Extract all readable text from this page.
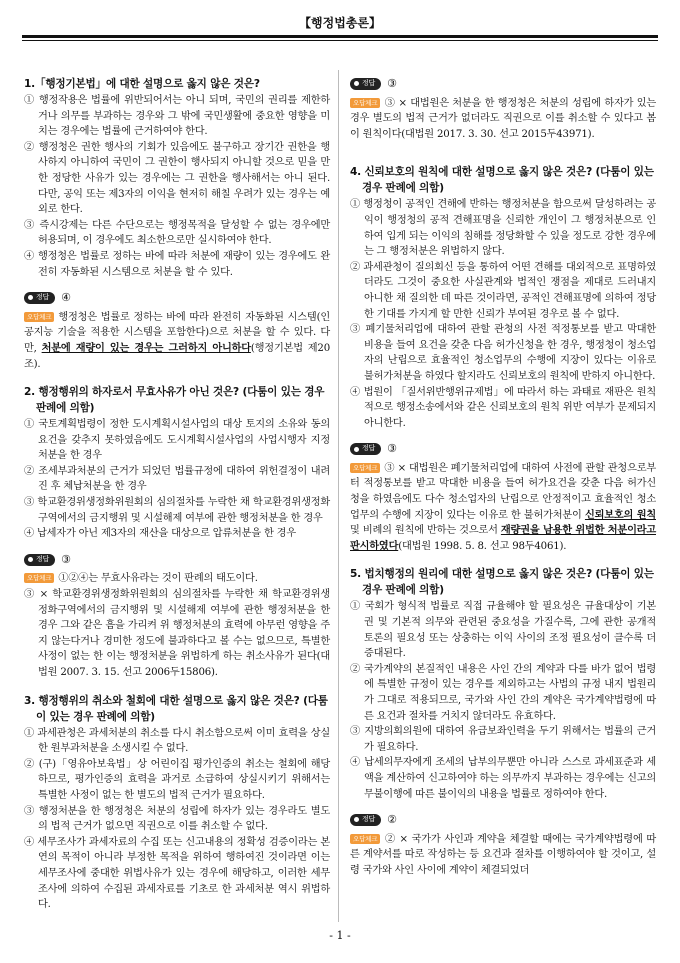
【행정법총론】
1.「행정기본법」에 대한 설명으로 옳지 않은 것은?
① 행정작용은 법률에 위반되어서는 아니 되며, 국민의 권리를 제한하거나 의무를 부과하는 경우와 그 밖에 국민생활에 중요한 영향을 미치는 경우에는 법률에 근거하여야 한다.
② 행정청은 권한 행사의 기회가 있음에도 불구하고 장기간 권한을 행사하지 아니하여 국민이 그 권한이 행사되지 아니할 것으로 믿을 만한 정당한 사유가 있는 경우에는 그 권한을 행사해서는 아니 된다. 다만, 공익 또는 제3자의 이익을 현저히 해칠 우려가 있는 경우는 예외로 한다.
③ 즉시강제는 다른 수단으로는 행정목적을 달성할 수 없는 경우에만 허용되며, 이 경우에도 최소한으로만 실시하여야 한다.
④ 행정청은 법률로 정하는 바에 따라 처분에 재량이 있는 경우에도 완전히 자동화된 시스템으로 처분을 할 수 있다.
정답 ④
오답체크 행정청은 법률로 정하는 바에 따라 완전히 자동화된 시스템(인공지능 기술을 적용한 시스템을 포함한다)으로 처분을 할 수 있다. 다만, 처분에 재량이 있는 경우는 그러하지 아니하다(행정기본법 제20조).
2. 행정행위의 하자로서 무효사유가 아닌 것은? (다툼이 있는 경우 판례에 의함)
① 국토계획법령이 정한 도시계획시설사업의 대상 토지의 소유와 동의요건을 갖추지 못하였음에도 도시계획시설사업의 사업시행자 지정처분을 한 경우
② 조세부과처분의 근거가 되었던 법률규정에 대하여 위헌결정이 내려진 후 체납처분을 한 경우
③ 학교환경위생정화위원회의 심의절차를 누락한 채 학교환경위생정화구역에서의 금지행위 및 시설해제 여부에 관한 행정처분을 한 경우
④ 납세자가 아닌 제3자의 재산을 대상으로 압류처분을 한 경우
정답 ③
오답체크 ①②④는 무효사유라는 것이 판례의 태도이다.
③ × 학교환경위생정화위원회의 심의절차를 누락한 채 학교환경위생정화구역에서의 금지행위 및 시설해제 여부에 관한 행정처분을 한 경우 그와 같은 흠을 가리켜 위 행정처분의 효력에 아무런 영향을 주지 않는다거나 경미한 정도에 불과하다고 볼 수는 없으므로, 특별한 사정이 없는 한 이는 행정처분을 위법하게 하는 취소사유가 된다(대법원 2007. 3. 15. 선고 2006두15806).
3. 행정행위의 취소와 철회에 대한 설명으로 옳지 않은 것은? (다툼이 있는 경우 판례에 의함)
① 과세관청은 과세처분의 취소를 다시 취소함으로써 이미 효력을 상실한 원부과처분을 소생시킬 수 없다.
② (구)「영유아보육법」상 어린이집 평가인증의 취소는 철회에 해당하므로, 평가인증의 효력을 과거로 소급하여 상실시키기 위해서는 특별한 사정이 없는 한 별도의 법적 근거가 필요하다.
③ 행정처분을 한 행정청은 처분의 성립에 하자가 있는 경우라도 별도의 법적 근거가 없으면 직권으로 이를 취소할 수 없다.
④ 세무조사가 과세자료의 수집 또는 신고내용의 정확성 검증이라는 본연의 목적이 아니라 부정한 목적을 위하여 행하여진 것이라면 이는 세무조사에 중대한 위법사유가 있는 경우에 해당하고, 이러한 세무조사에 의하여 수집된 과세자료를 기초로 한 과세처분 역시 위법하다.
정답 ③
오답체크 ③ × 대법원은 처분을 한 행정청은 처분의 성립에 하자가 있는 경우 별도의 법적 근거가 없더라도 직권으로 이를 취소할 수 있다고 봄이 원칙이다(대법원 2017. 3. 30. 선고 2015두43971).
4. 신뢰보호의 원칙에 대한 설명으로 옳지 않은 것은? (다툼이 있는 경우 판례에 의함)
① 행정청이 공적인 견해에 반하는 행정처분을 함으로써 달성하려는 공익이 행정청의 공적 견해표명을 신뢰한 개인이 그 행정처분으로 인하여 입게 되는 이익의 침해를 정당화할 수 있을 정도로 강한 경우에는 그 행정처분은 위법하지 않다.
② 과세관청이 질의회신 등을 통하여 어떤 견해를 대외적으로 표명하였더라도 그것이 중요한 사실관계와 법적인 쟁점을 제대로 드러내지 아니한 채 질의한 데 따른 것이라면, 공적인 견해표명에 의하여 정당한 기대를 가지게 할 만한 신뢰가 부여된 경우로 볼 수 없다.
③ 폐기물처리업에 대하여 관할 관청의 사전 적정통보를 받고 막대한 비용을 들여 요건을 갖춘 다음 허가신청을 한 경우, 행정청이 청소업자의 난립으로 효율적인 청소업무의 수행에 지장이 있다는 이유로 불허가처분을 하였다 할지라도 신뢰보호의 원칙에 반하지 아니한다.
④ 법원이 「질서위반행위규제법」에 따라서 하는 과태료 재판은 원칙적으로 행정소송에서와 같은 신뢰보호의 원칙 위반 여부가 문제되지 아니한다.
정답 ③
오답체크 ③ × 대법원은 폐기물처리업에 대하여 사전에 관할 관청으로부터 적정통보를 받고 막대한 비용을 들여 허가요건을 갖춘 다음 허가신청을 하였음에도 다수 청소업자의 난립으로 안정적이고 효율적인 청소업무의 수행에 지장이 있다는 이유로 한 불허가처분이 신뢰보호의 원칙 및 비례의 원칙에 반하는 것으로서 재량권을 남용한 위법한 처분이라고 판시하였다(대법원 1998. 5. 8. 선고 98두4061).
5. 법치행정의 원리에 대한 설명으로 옳지 않은 것은? (다툼이 있는 경우 판례에 의함)
① 국회가 형식적 법률로 직접 규율해야 할 필요성은 규율대상이 기본권 및 기본적 의무와 관련된 중요성을 가질수록, 그에 관한 공개적 토론의 필요성 또는 상충하는 이익 사이의 조정 필요성이 클수록 더 증대된다.
② 국가계약의 본질적인 내용은 사인 간의 계약과 다를 바가 없어 법령에 특별한 규정이 있는 경우를 제외하고는 사법의 규정 내지 법원리가 그대로 적용되므로, 국가와 사인 간의 계약은 국가계약법령에 따른 요건과 절차를 거치지 않더라도 유효하다.
③ 지방의회의원에 대하여 유급보좌인력을 두기 위해서는 법률의 근거가 필요하다.
④ 납세의무자에게 조세의 납부의무뿐만 아니라 스스로 과세표준과 세액을 계산하여 신고하여야 하는 의무까지 부과하는 경우에는 신고의무불이행에 따른 불이익의 내용을 법률로 정하여야 한다.
정답 ②
오답체크 ② × 국가가 사인과 계약을 체결할 때에는 국가계약법령에 따른 계약서를 따로 작성하는 등 요건과 절차를 이행하여야 할 것이고, 설령 국가와 사인 사이에 계약이 체결되었더
- 1 -
